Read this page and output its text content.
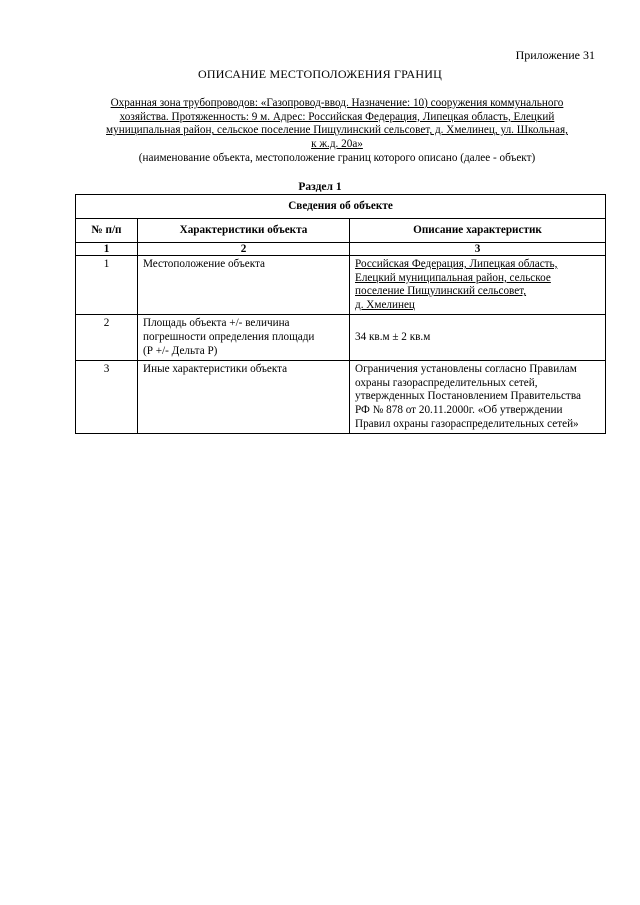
Приложение 31
ОПИСАНИЕ МЕСТОПОЛОЖЕНИЯ ГРАНИЦ
Охранная зона трубопроводов: «Газопровод-ввод. Назначение: 10) сооружения коммунального
хозяйства. Протяженность: 9 м. Адрес: Российская Федерация, Липецкая область, Елецкий
муниципальная район, сельское поселение Пищулинский сельсовет, д. Хмелинец, ул. Школьная,
к ж.д. 20а»
(наименование объекта, местоположение границ которого описано (далее - объект)
Раздел 1
Сведения об объекте		
№ п/п	Характеристики объекта	Описание характеристик
1	2	3
1	Местоположение объекта	Российская Федерация, Липецкая область,
Елецкий муниципальная район, сельское
поселение Пищулинский сельсовет,
д. Хмелинец

2	Площадь объекта +/- величина
погрешности определения площади
(Р +/- Дельта Р)	34 кв.м ± 2 кв.м
3	Иные характеристики объекта	Ограничения установлены согласно Правилам
охраны газораспределительных сетей,
утвержденных Постановлением Правительства
РФ № 878 от 20.11.2000г. «Об утверждении
Правил охраны газораспределительных сетей»
